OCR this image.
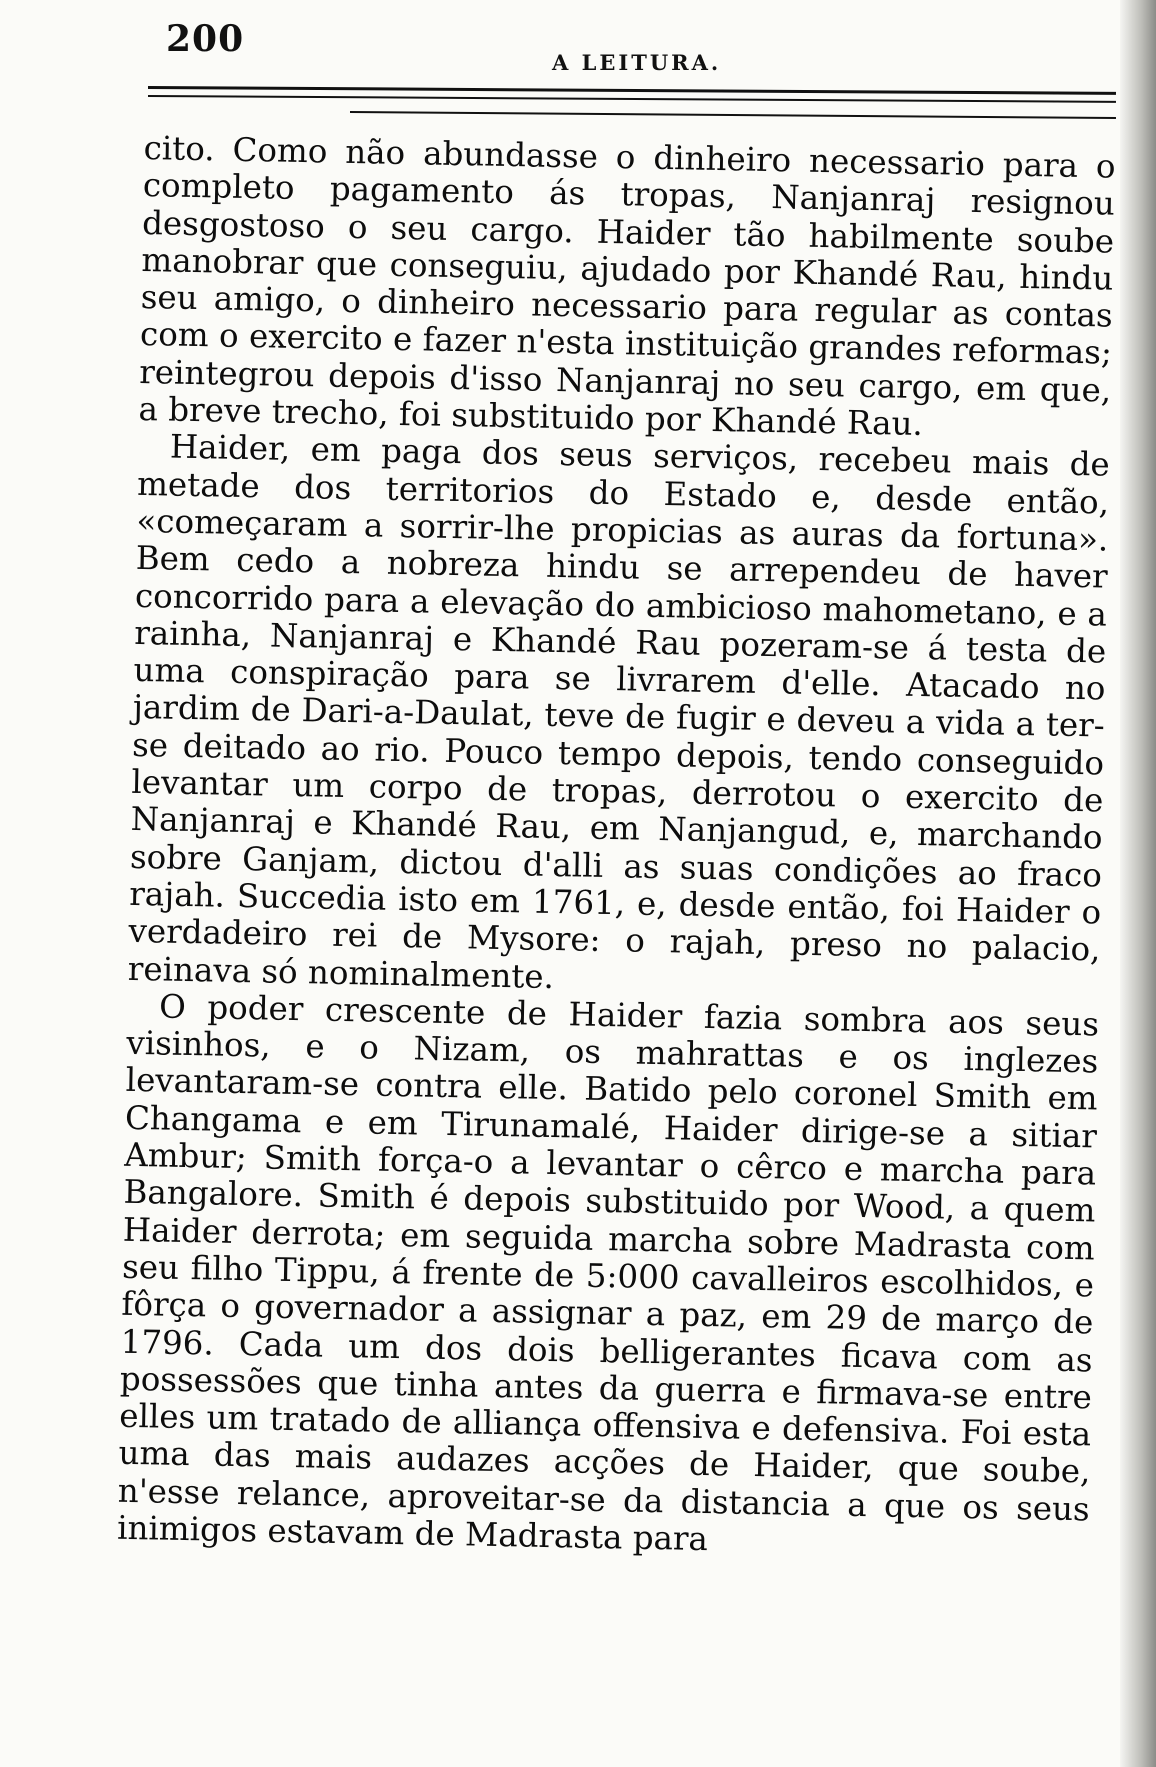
200
A LEITURA.

cito. Como não abundasse o dinheiro necessario para o completo pagamento ás tropas, Nanjanraj resignou desgostoso o seu cargo. Haider tão habilmente soube manobrar que conseguiu, ajudado por Khandé Rau, hindu seu amigo, o dinheiro necessario para regular as contas com o exercito e fazer n'esta instituição grandes reformas; reintegrou depois d'isso Nanjanraj no seu cargo, em que, a breve trecho, foi substituido por Khandé Rau.

Haider, em paga dos seus serviços, recebeu mais de metade dos territorios do Estado e, desde então, «começaram a sorrir-lhe propicias as auras da fortuna». Bem cedo a nobreza hindu se arrependeu de haver concorrido para a elevação do ambicioso mahometano, e a rainha, Nanjanraj e Khandé Rau pozeram-se á testa de uma conspiração para se livrarem d'elle. Atacado no jardim de Dari-a-Daulat, teve de fugir e deveu a vida a ter-se deitado ao rio. Pouco tempo depois, tendo conseguido levantar um corpo de tropas, derrotou o exercito de Nanjanraj e Khandé Rau, em Nanjangud, e, marchando sobre Ganjam, dictou d'alli as suas condições ao fraco rajah. Succedia isto em 1761, e, desde então, foi Haider o verdadeiro rei de Mysore: o rajah, preso no palacio, reinava só nominalmente.

O poder crescente de Haider fazia sombra aos seus visinhos, e o Nizam, os mahrattas e os inglezes levantaram-se contra elle. Batido pelo coronel Smith em Changama e em Tirunamalé, Haider dirige-se a sitiar Ambur; Smith força-o a levantar o cêrco e marcha para Bangalore. Smith é depois substituido por Wood, a quem Haider derrota; em seguida marcha sobre Madrasta com seu filho Tippu, á frente de 5:000 cavalleiros escolhidos, e fôrça o governador a assignar a paz, em 29 de março de 1796. Cada um dos dois belligerantes ficava com as possessões que tinha antes da guerra e firmava-se entre elles um tratado de alliança offensiva e defensiva. Foi esta uma das mais audazes acções de Haider, que soube, n'esse relance, aproveitar-se da distancia a que os seus inimigos estavam de Madrasta para
